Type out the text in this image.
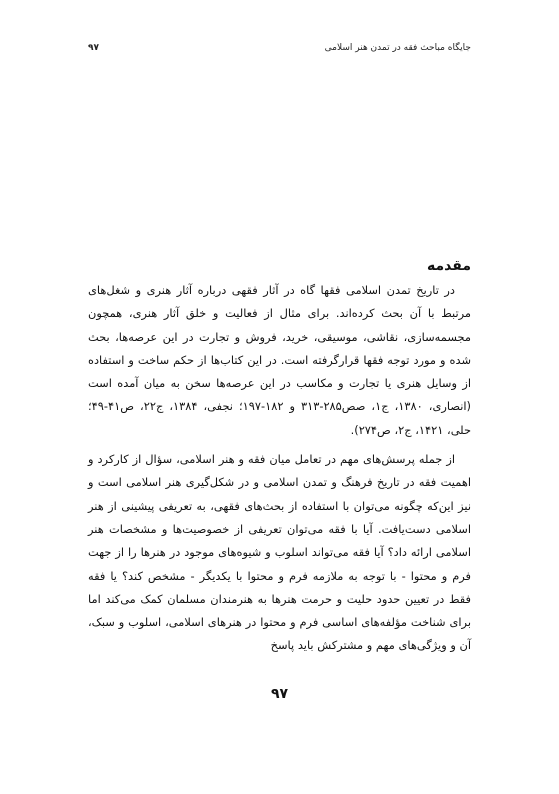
جایگاه مباحث فقه در تمدن هنر اسلامی
۹۷
مقدمه

در تاریخ تمدن اسلامی فقها گاه در آثار فقهی درباره آثار هنری و شغل‌های مرتبط با آن بحث کرده‌اند. برای مثال از فعالیت و خلق آثار هنری، همچون مجسمه‌سازی، نقاشی، موسیقی، خرید، فروش و تجارت در این عرصه‌ها، بحث شده و مورد توجه فقها قرارگرفته است. در این کتاب‌ها از حکم ساخت و استفاده از وسایل هنری یا تجارت و مکاسب در این عرصه‌ها سخن به میان آمده است (انصاری، ۱۳۸۰، ج۱، صص۲۸۵-۳۱۳ و ۱۸۲-۱۹۷؛ نجفی، ۱۳۸۴، ج۲۲، ص۴۱-۴۹؛ حلی، ۱۴۲۱، ج۲، ص۲۷۴).

از جمله پرسش‌های مهم در تعامل میان فقه و هنر اسلامی، سؤال از کارکرد و اهمیت فقه در تاریخ فرهنگ و تمدن اسلامی و در شکل‌گیری هنر اسلامی است و نیز این‌که چگونه می‌توان با استفاده از بحث‌های فقهی، به تعریفی پیشینی از هنر اسلامی دست‌یافت. آیا با فقه می‌توان تعریفی از خصوصیت‌ها و مشخصات هنر اسلامی ارائه داد؟ آیا فقه می‌تواند اسلوب و شیوه‌های موجود در هنرها را از جهت فرم و محتوا - با توجه به ملازمه فرم و محتوا با یکدیگر - مشخص کند؟ یا فقه فقط در تعیین حدود حلیت و حرمت هنرها به هنرمندان مسلمان کمک می‌کند اما برای شناخت مؤلفه‌های اساسی فرم و محتوا در هنرهای اسلامی، اسلوب و سبک، آن و ویژگی‌های مهم و مشترکش باید پاسخ

۹۷
